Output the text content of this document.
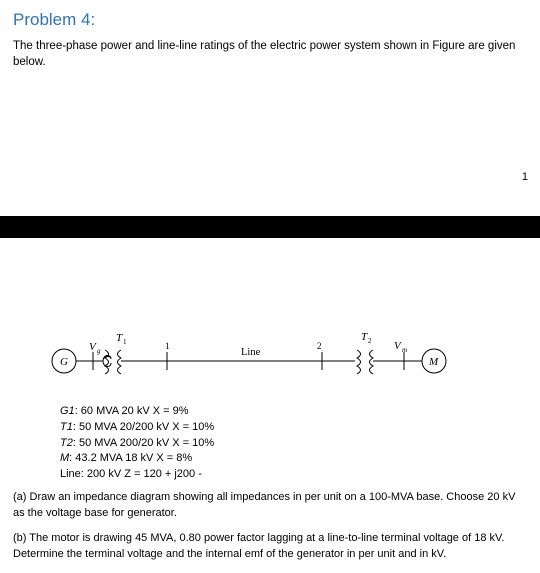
Problem 4:
The three-phase power and line-line ratings of the electric power system shown in Figure are given below.
1
G
V g
T 1	1
Line
2
T 2 V m
M
G1: 60 MVA 20 kV X = 9%
T1: 50 MVA 20/200 kV X = 10%
T2: 50 MVA 200/20 kV X = 10%
M: 43.2 MVA 18 kV X = 8%
Line: 200 kV Z = 120 + j200 -
(a) Draw an impedance diagram showing all impedances in per unit on a 100-MVA base. Choose 20 kV as the voltage base for generator.
(b) The motor is drawing 45 MVA, 0.80 power factor lagging at a line-to-line terminal voltage of 18 kV. Determine the terminal voltage and the internal emf of the generator in per unit and in kV.
